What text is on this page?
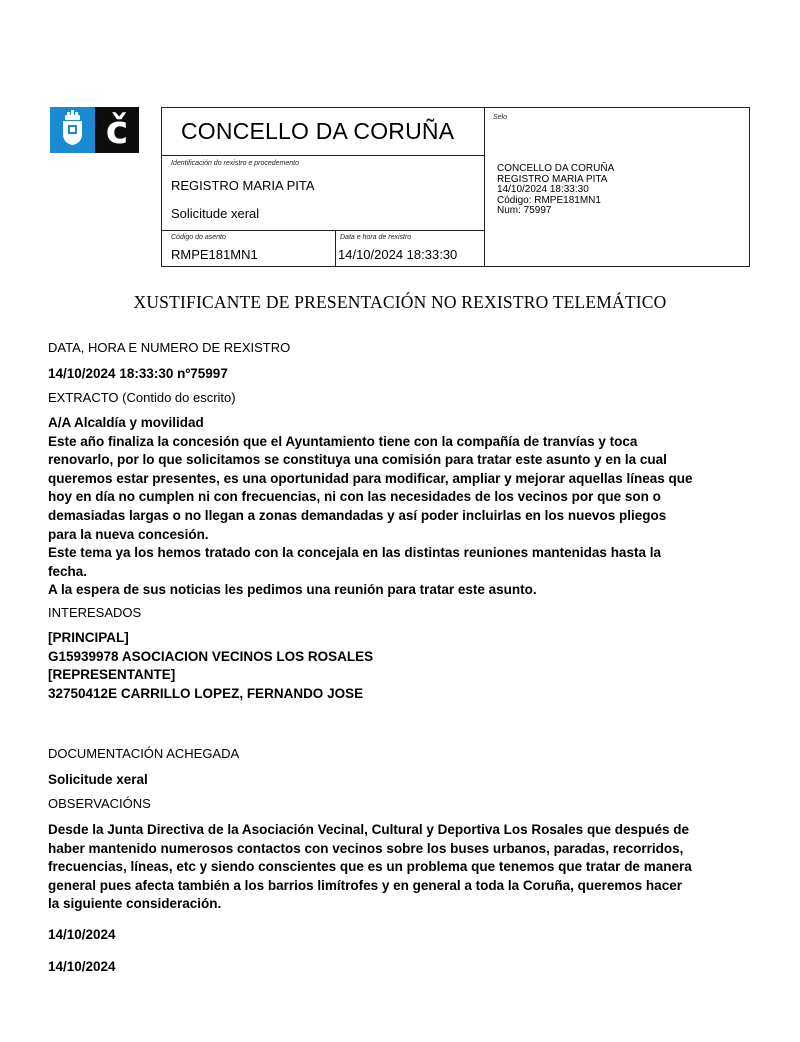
č	CONCELLO DA CORUÑA
Identificación do rexistro e procedemento
REGISTRO MARIA PITA
Solicitude xeral
Código do asento
RMPE181MN1
Data e hora de rexistro
14/10/2024 18:33:30
Selo
CONCELLO DA CORUÑA
REGISTRO MARIA PITA
14/10/2024 18:33:30
Código: RMPE181MN1
Num: 75997
XUSTIFICANTE DE PRESENTACIÓN NO REXISTRO TELEMÁTICO
DATA, HORA E NUMERO DE REXISTRO
14/10/2024 18:33:30 nº75997
EXTRACTO (Contido do escrito)
A/A Alcaldía y movilidad
Este año finaliza la concesión que el Ayuntamiento tiene con la compañía de tranvías y toca
renovarlo, por lo que solicitamos se constituya una comisión para tratar este asunto y en la cual
queremos estar presentes, es una oportunidad para modificar, ampliar y mejorar aquellas líneas que
hoy en día no cumplen ni con frecuencias, ni con las necesidades de los vecinos por que son o
demasiadas largas o no llegan a zonas demandadas y así poder incluirlas en los nuevos pliegos
para la nueva concesión.
Este tema ya los hemos tratado con la concejala en las distintas reuniones mantenidas hasta la
fecha.
A la espera de sus noticias les pedimos una reunión para tratar este asunto.
INTERESADOS
[PRINCIPAL]
G15939978 ASOCIACION VECINOS LOS ROSALES
[REPRESENTANTE]
32750412E CARRILLO LOPEZ, FERNANDO JOSE
DOCUMENTACIÓN ACHEGADA
Solicitude xeral
OBSERVACIÓNS
Desde la Junta Directiva de la Asociación Vecinal, Cultural y Deportiva Los Rosales que después de
haber mantenido numerosos contactos con vecinos sobre los buses urbanos, paradas, recorridos,
frecuencias, líneas, etc y siendo conscientes que es un problema que tenemos que tratar de manera
general pues afecta también a los barrios limítrofes y en general a toda la Coruña, queremos hacer
la siguiente consideración.
14/10/2024
14/10/2024
